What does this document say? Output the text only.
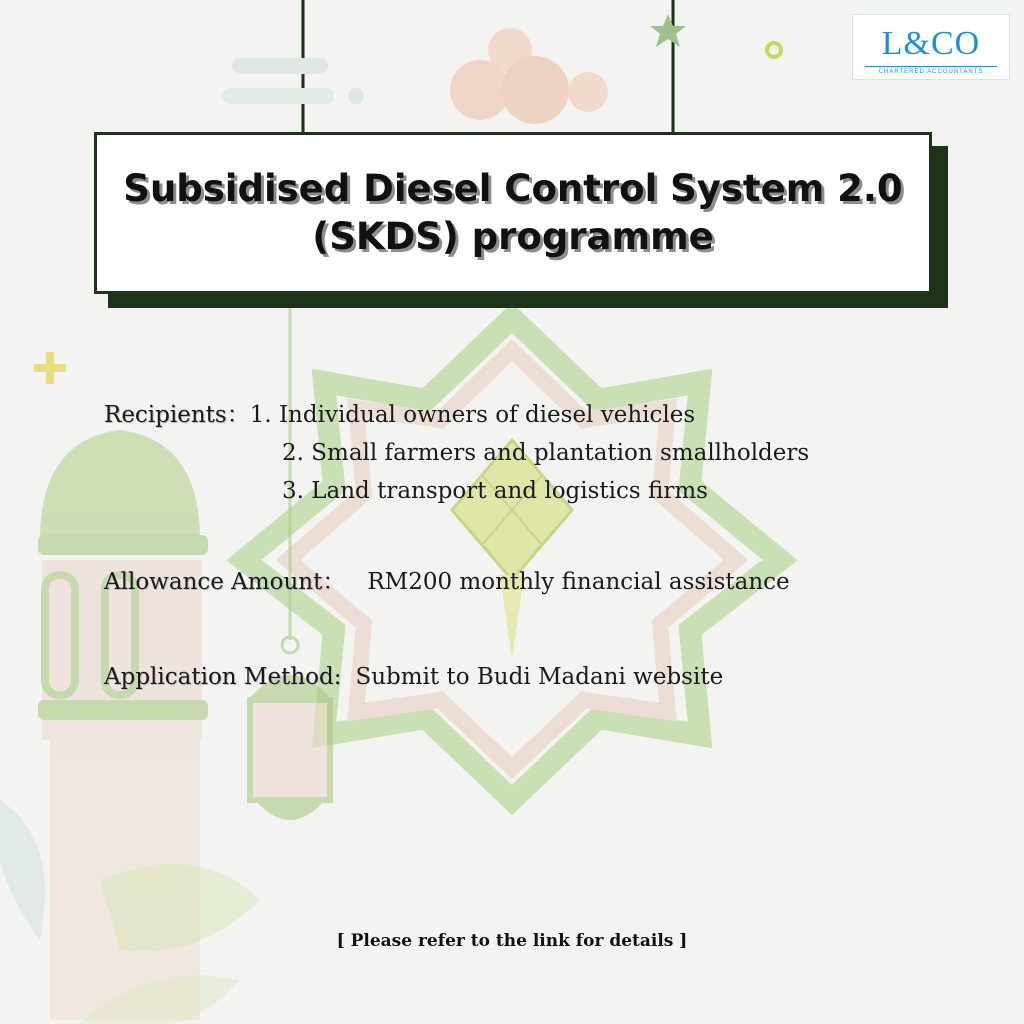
L&CO
CHARTERED ACCOUNTANTS
Subsidised Diesel Control System 2.0
(SKDS) programme
Recipients：1. Individual owners of diesel vehicles
2. Small farmers and plantation smallholders
3. Land transport and logistics firms
Allowance Amount： RM200 monthly financial assistance
Application Method: Submit to Budi Madani website
[ Please refer to the link for details ]
